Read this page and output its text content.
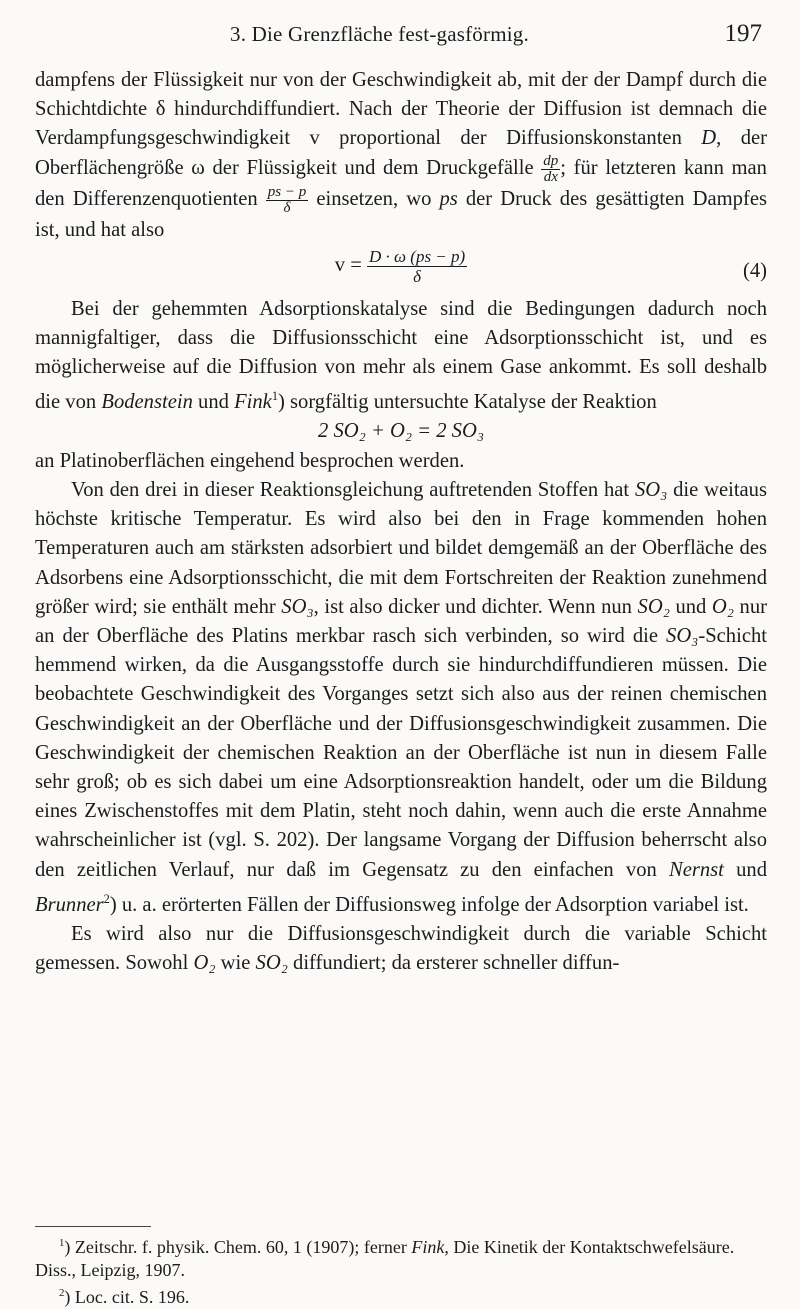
3. Die Grenzfläche fest-gasförmig.	197

dampfens der Flüssigkeit nur von der Geschwindigkeit ab, mit der der Dampf durch die Schichtdichte δ hindurchdiffundiert. Nach der Theorie der Diffusion ist demnach die Verdampfungsgeschwindigkeit v proportional der Diffusionskonstanten D, der Oberflächengröße ω der Flüssigkeit und dem Druckgefälle $\frac{dp}{dx}$ ; für letzteren kann man den Differenzenquotienten $\frac{ps - p}{\delta}$ einsetzen, wo ps der Druck des gesättigten Dampfes ist, und hat also

$v = \frac{D \cdot \omega (ps - p)}{\delta}$	(4)

Bei der gehemmten Adsorptionskatalyse sind die Bedingungen dadurch noch mannigfaltiger, dass die Diffusionsschicht eine Adsorptionsschicht ist, und es möglicherweise auf die Diffusion von mehr als einem Gase ankommt. Es soll deshalb die von Bodenstein und Fink$^1$) sorgfältig untersuchte Katalyse der Reaktion

2 SO₂ + O₂ = 2 SO₃

an Platinoberflächen eingehend besprochen werden.

Von den drei in dieser Reaktionsgleichung auftretenden Stoffen hat SO₃ die weitaus höchste kritische Temperatur. Es wird also bei den in Frage kommenden hohen Temperaturen auch am stärksten adsorbiert und bildet demgemäß an der Oberfläche des Adsorbens eine Adsorptionsschicht, die mit dem Fortschreiten der Reaktion zunehmend größer wird; sie enthält mehr SO₃, ist also dicker und dichter. Wenn nun SO₂ und O₂ nur an der Oberfläche des Platins merkbar rasch sich verbinden, so wird die SO₃-Schicht hemmend wirken, da die Ausgangsstoffe durch sie hindurchdiffundieren müssen. Die beobachtete Geschwindigkeit des Vorganges setzt sich also aus der reinen chemischen Geschwindigkeit an der Oberfläche und der Diffusionsgeschwindigkeit zusammen. Die Geschwindigkeit der chemischen Reaktion an der Oberfläche ist nun in diesem Falle sehr groß; ob es sich dabei um eine Adsorptionsreaktion handelt, oder um die Bildung eines Zwischenstoffes mit dem Platin, steht noch dahin, wenn auch die erste Annahme wahrscheinlicher ist (vgl. S. 202). Der langsame Vorgang der Diffusion beherrscht also den zeitlichen Verlauf, nur daß im Gegensatz zu den einfachen von Nernst und Brunner$^2$) u. a. erörterten Fällen der Diffusionsweg infolge der Adsorption variabel ist.

Es wird also nur die Diffusionsgeschwindigkeit durch die variable Schicht gemessen. Sowohl O₂ wie SO₂ diffundiert; da ersterer schneller diffun-

$^1$) Zeitschr. f. physik. Chem. 60, 1 (1907); ferner Fink, Die Kinetik der Kontaktschwefelsäure. Diss., Leipzig, 1907.

$^2$) Loc. cit. S. 196.
